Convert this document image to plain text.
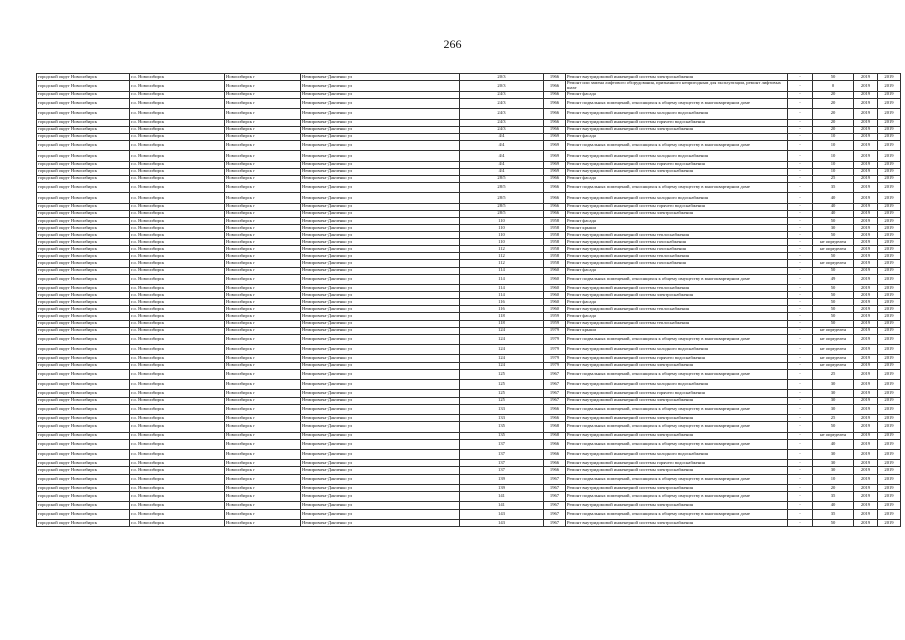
266
городской округ Новосибирск	г.о. Новосибирск	Новосибирск г	Немировича-Данченко ул	20/3	1966	Ремонт внутридомовой инженерной системы электроснабжения	-	50	2019	2019
городской округ Новосибирск	г.о. Новосибирск	Новосибирск г	Немировича-Данченко ул	20/3	1966	Ремонт или замена лифтового оборудования, признанного непригодным для эксплуатации, ремонт лифтовых шахт	-	0	2019	2019
городской округ Новосибирск	г.о. Новосибирск	Новосибирск г	Немировича-Данченко ул	24/3	1966	Ремонт фасада	-	20	2019	2019
городской округ Новосибирск	г.о. Новосибирск	Новосибирск г	Немировича-Данченко ул	24/3	1966	Ремонт подвальных помещений, относящихся к общему имуществу в многоквартирном доме	-	20	2019	2019
городской округ Новосибирск	г.о. Новосибирск	Новосибирск г	Немировича-Данченко ул	24/3	1966	Ремонт внутридомовой инженерной системы холодного водоснабжения	-	20	2019	2019
городской округ Новосибирск	г.о. Новосибирск	Новосибирск г	Немировича-Данченко ул	24/3	1966	Ремонт внутридомовой инженерной системы горячего водоснабжения	-	20	2019	2019
городской округ Новосибирск	г.о. Новосибирск	Новосибирск г	Немировича-Данченко ул	24/3	1966	Ремонт внутридомовой инженерной системы электроснабжения	-	20	2019	2019
городской округ Новосибирск	г.о. Новосибирск	Новосибирск г	Немировича-Данченко ул	4/4	1969	Ремонт фасада	-	10	2019	2019
городской округ Новосибирск	г.о. Новосибирск	Новосибирск г	Немировича-Данченко ул	4/4	1969	Ремонт подвальных помещений, относящихся к общему имуществу в многоквартирном доме	-	10	2019	2019
городской округ Новосибирск	г.о. Новосибирск	Новосибирск г	Немировича-Данченко ул	4/4	1969	Ремонт внутридомовой инженерной системы холодного водоснабжения	-	10	2019	2019
городской округ Новосибирск	г.о. Новосибирск	Новосибирск г	Немировича-Данченко ул	4/4	1969	Ремонт внутридомовой инженерной системы горячего водоснабжения	-	10	2019	2019
городской округ Новосибирск	г.о. Новосибирск	Новосибирск г	Немировича-Данченко ул	4/4	1969	Ремонт внутридомовой инженерной системы электроснабжения	-	10	2019	2019
городской округ Новосибирск	г.о. Новосибирск	Новосибирск г	Немировича-Данченко ул	28/5	1966	Ремонт фасада	-	25	2019	2019
городской округ Новосибирск	г.о. Новосибирск	Новосибирск г	Немировича-Данченко ул	28/5	1966	Ремонт подвальных помещений, относящихся к общему имуществу в многоквартирном доме	-	35	2019	2019
городской округ Новосибирск	г.о. Новосибирск	Новосибирск г	Немировича-Данченко ул	28/5	1966	Ремонт внутридомовой инженерной системы холодного водоснабжения	-	40	2019	2019
городской округ Новосибирск	г.о. Новосибирск	Новосибирск г	Немировича-Данченко ул	28/5	1966	Ремонт внутридомовой инженерной системы горячего водоснабжения	-	40	2019	2019
городской округ Новосибирск	г.о. Новосибирск	Новосибирск г	Немировича-Данченко ул	28/5	1966	Ремонт внутридомовой инженерной системы электроснабжения	-	40	2019	2019
городской округ Новосибирск	г.о. Новосибирск	Новосибирск г	Немировича-Данченко ул	110	1958	Ремонт фасада	-	50	2019	2019
городской округ Новосибирск	г.о. Новосибирск	Новосибирск г	Немировича-Данченко ул	110	1958	Ремонт крыши	-	30	2019	2019
городской округ Новосибирск	г.о. Новосибирск	Новосибирск г	Немировича-Данченко ул	110	1958	Ремонт внутридомовой инженерной системы теплоснабжения	-	50	2019	2019
городской округ Новосибирск	г.о. Новосибирск	Новосибирск г	Немировича-Данченко ул	110	1958	Ремонт внутридомовой инженерной системы газоснабжения	-	не определен	2019	2019
городской округ Новосибирск	г.о. Новосибирск	Новосибирск г	Немировича-Данченко ул	112	1958	Ремонт внутридомовой инженерной системы газоснабжения	-	не определен	2019	2019
городской округ Новосибирск	г.о. Новосибирск	Новосибирск г	Немировича-Данченко ул	112	1958	Ремонт внутридомовой инженерной системы теплоснабжения	-	50	2019	2019
городской округ Новосибирск	г.о. Новосибирск	Новосибирск г	Немировича-Данченко ул	112	1958	Ремонт внутридомовой инженерной системы газоснабжения	-	не определен	2019	2019
городской округ Новосибирск	г.о. Новосибирск	Новосибирск г	Немировича-Данченко ул	114	1960	Ремонт фасада	-	50	2019	2019
городской округ Новосибирск	г.о. Новосибирск	Новосибирск г	Немировича-Данченко ул	114	1960	Ремонт подвальных помещений, относящихся к общему имуществу в многоквартирном доме	-	49	2019	2019
городской округ Новосибирск	г.о. Новосибирск	Новосибирск г	Немировича-Данченко ул	114	1960	Ремонт внутридомовой инженерной системы теплоснабжения	-	50	2019	2019
городской округ Новосибирск	г.о. Новосибирск	Новосибирск г	Немировича-Данченко ул	114	1960	Ремонт внутридомовой инженерной системы электроснабжения	-	50	2019	2019
городской округ Новосибирск	г.о. Новосибирск	Новосибирск г	Немировича-Данченко ул	116	1960	Ремонт фасада	-	50	2019	2019
городской округ Новосибирск	г.о. Новосибирск	Новосибирск г	Немировича-Данченко ул	116	1960	Ремонт внутридомовой инженерной системы теплоснабжения	-	50	2019	2019
городской округ Новосибирск	г.о. Новосибирск	Новосибирск г	Немировича-Данченко ул	118	1959	Ремонт фасада	-	50	2019	2019
городской округ Новосибирск	г.о. Новосибирск	Новосибирск г	Немировича-Данченко ул	118	1959	Ремонт внутридомовой инженерной системы теплоснабжения	-	50	2019	2019
городской округ Новосибирск	г.о. Новосибирск	Новосибирск г	Немировича-Данченко ул	124	1979	Ремонт крыши	-	не определен	2019	2019
городской округ Новосибирск	г.о. Новосибирск	Новосибирск г	Немировича-Данченко ул	124	1979	Ремонт подвальных помещений, относящихся к общему имуществу в многоквартирном доме	-	не определен	2019	2019
городской округ Новосибирск	г.о. Новосибирск	Новосибирск г	Немировича-Данченко ул	124	1979	Ремонт внутридомовой инженерной системы холодного водоснабжения	-	не определен	2019	2019
городской округ Новосибирск	г.о. Новосибирск	Новосибирск г	Немировича-Данченко ул	124	1979	Ремонт внутридомовой инженерной системы горячего водоснабжения	-	не определен	2019	2019
городской округ Новосибирск	г.о. Новосибирск	Новосибирск г	Немировича-Данченко ул	124	1979	Ремонт внутридомовой инженерной системы электроснабжения	-	не определен	2019	2019
городской округ Новосибирск	г.о. Новосибирск	Новосибирск г	Немировича-Данченко ул	125	1967	Ремонт подвальных помещений, относящихся к общему имуществу в многоквартирном доме	-	25	2019	2019
городской округ Новосибирск	г.о. Новосибирск	Новосибирск г	Немировича-Данченко ул	125	1967	Ремонт внутридомовой инженерной системы холодного водоснабжения	-	30	2019	2019
городской округ Новосибирск	г.о. Новосибирск	Новосибирск г	Немировича-Данченко ул	125	1967	Ремонт внутридомовой инженерной системы горячего водоснабжения	-	30	2019	2019
городской округ Новосибирск	г.о. Новосибирск	Новосибирск г	Немировича-Данченко ул	125	1967	Ремонт внутридомовой инженерной системы электроснабжения	-	30	2019	2019
городской округ Новосибирск	г.о. Новосибирск	Новосибирск г	Немировича-Данченко ул	133	1966	Ремонт подвальных помещений, относящихся к общему имуществу в многоквартирном доме	-	30	2019	2019
городской округ Новосибирск	г.о. Новосибирск	Новосибирск г	Немировича-Данченко ул	133	1966	Ремонт внутридомовой инженерной системы электроснабжения	-	25	2019	2019
городской округ Новосибирск	г.о. Новосибирск	Новосибирск г	Немировича-Данченко ул	135	1968	Ремонт подвальных помещений, относящихся к общему имуществу в многоквартирном доме	-	50	2019	2019
городской округ Новосибирск	г.о. Новосибирск	Новосибирск г	Немировича-Данченко ул	135	1968	Ремонт внутридомовой инженерной системы электроснабжения	-	не определен	2019	2019
городской округ Новосибирск	г.о. Новосибирск	Новосибирск г	Немировича-Данченко ул	137	1966	Ремонт подвальных помещений, относящихся к общему имуществу в многоквартирном доме	-	40	2019	2019
городской округ Новосибирск	г.о. Новосибирск	Новосибирск г	Немировича-Данченко ул	137	1966	Ремонт внутридомовой инженерной системы холодного водоснабжения	-	30	2019	2019
городской округ Новосибирск	г.о. Новосибирск	Новосибирск г	Немировича-Данченко ул	137	1966	Ремонт внутридомовой инженерной системы горячего водоснабжения	-	30	2019	2019
городской округ Новосибирск	г.о. Новосибирск	Новосибирск г	Немировича-Данченко ул	137	1966	Ремонт внутридомовой инженерной системы электроснабжения	-	30	2019	2019
городской округ Новосибирск	г.о. Новосибирск	Новосибирск г	Немировича-Данченко ул	139	1967	Ремонт подвальных помещений, относящихся к общему имуществу в многоквартирном доме	-	10	2019	2019
городской округ Новосибирск	г.о. Новосибирск	Новосибирск г	Немировича-Данченко ул	139	1967	Ремонт внутридомовой инженерной системы электроснабжения	-	20	2019	2019
городской округ Новосибирск	г.о. Новосибирск	Новосибирск г	Немировича-Данченко ул	141	1967	Ремонт подвальных помещений, относящихся к общему имуществу в многоквартирном доме	-	35	2019	2019
городской округ Новосибирск	г.о. Новосибирск	Новосибирск г	Немировича-Данченко ул	141	1967	Ремонт внутридомовой инженерной системы электроснабжения	-	40	2019	2019
городской округ Новосибирск	г.о. Новосибирск	Новосибирск г	Немировича-Данченко ул	143	1967	Ремонт подвальных помещений, относящихся к общему имуществу в многоквартирном доме	-	35	2019	2019
городской округ Новосибирск	г.о. Новосибирск	Новосибирск г	Немировича-Данченко ул	143	1967	Ремонт внутридомовой инженерной системы электроснабжения	-	50	2019	2019
